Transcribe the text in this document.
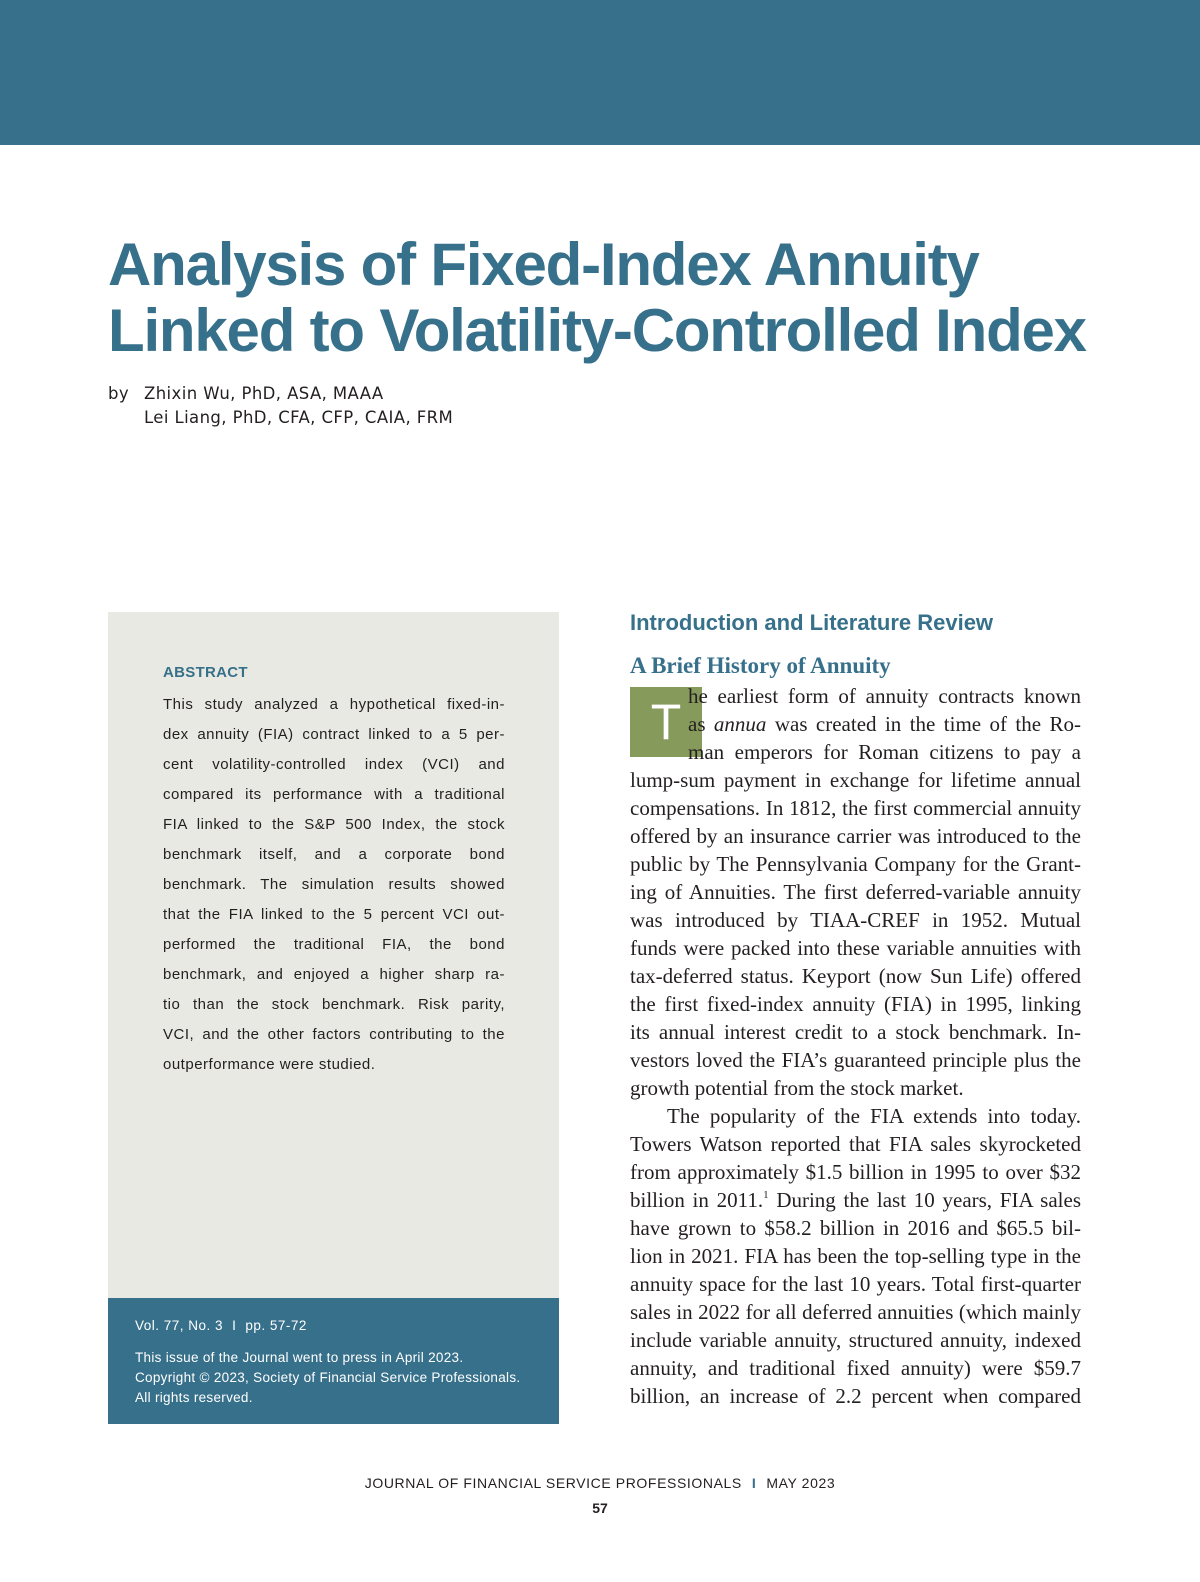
Analysis of Fixed-Index Annuity
Linked to Volatility-Controlled Index
by Zhixin Wu, PhD, ASA, MAAA
Lei Liang, PhD, CFA, CFP, CAIA, FRM
ABSTRACT
This study analyzed a hypothetical fixed-in-
dex annuity (FIA) contract linked to a 5 per-
cent volatility-controlled index (VCI) and
compared its performance with a traditional
FIA linked to the S&P 500 Index, the stock
benchmark itself, and a corporate bond
benchmark. The simulation results showed
that the FIA linked to the 5 percent VCI out-
performed the traditional FIA, the bond
benchmark, and enjoyed a higher sharp ra-
tio than the stock benchmark. Risk parity,
VCI, and the other factors contributing to the
outperformance were studied.
Vol. 77, No. 3 I pp. 57-72
This issue of the Journal went to press in April 2023.
Copyright © 2023, Society of Financial Service Professionals.
All rights reserved.
Introduction and Literature Review
A Brief History of Annuity
T he earliest form of annuity contracts known
as annua was created in the time of the Ro-
man emperors for Roman citizens to pay a
lump-sum payment in exchange for lifetime annual
compensations. In 1812, the first commercial annuity
offered by an insurance carrier was introduced to the
public by The Pennsylvania Company for the Grant-
ing of Annuities. The first deferred-variable annuity
was introduced by TIAA-CREF in 1952. Mutual
funds were packed into these variable annuities with
tax-deferred status. Keyport (now Sun Life) offered
the first fixed-index annuity (FIA) in 1995, linking
its annual interest credit to a stock benchmark. In-
vestors loved the FIA’s guaranteed principle plus the
growth potential from the stock market.
The popularity of the FIA extends into today.
Towers Watson reported that FIA sales skyrocketed
from approximately $1.5 billion in 1995 to over $32
billion in 2011.$^1$ During the last 10 years, FIA sales
have grown to $58.2 billion in 2016 and $65.5 bil-
lion in 2021. FIA has been the top-selling type in the
annuity space for the last 10 years. Total first-quarter
sales in 2022 for all deferred annuities (which mainly
include variable annuity, structured annuity, indexed
annuity, and traditional fixed annuity) were $59.7
billion, an increase of 2.2 percent when compared
JOURNAL OF FINANCIAL SERVICE PROFESSIONALS I MAY 2023
57
